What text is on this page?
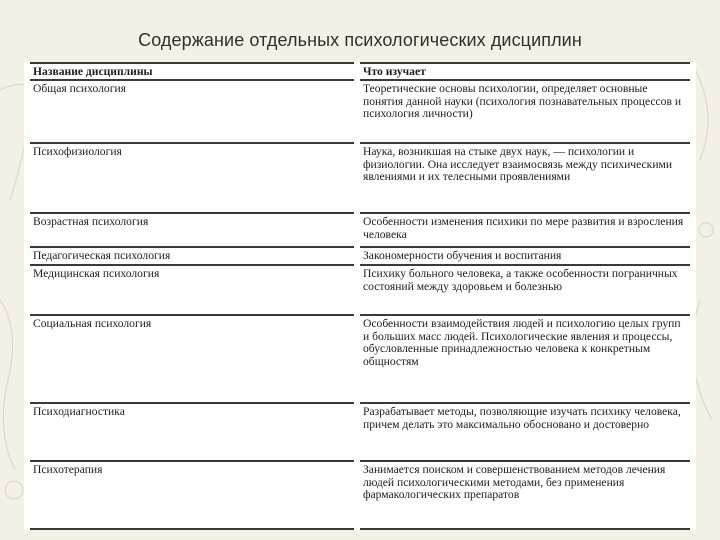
Содержание отдельных психологических дисциплин
Название дисциплины	Что изучает
Общая психология	Теоретические основы психологии, определяет основные понятия данной науки (психология познавательных процессов и психология личности)
Психофизиология	Наука, возникшая на стыке двух наук, — психологии и физиологии. Она исследует взаимосвязь между психическими явлениями и их телесными проявлениями
Возрастная психология	Особенности изменения психики по мере развития и взросления человека
Педагогическая психология	Закономерности обучения и воспитания
Медицинская психология	Психику больного человека, а также особенности пограничных состояний между здоровьем и болезнью
Социальная психология	Особенности взаимодействия людей и психологию целых групп и больших масс людей. Психологические явления и процессы, обусловленные принадлежностью человека к конкретным общностям
Психодиагностика	Разрабатывает методы, позволяющие изучать психику человека, причем делать это максимально обосновано и достоверно
Психотерапия	Занимается поиском и совершенствованием методов лечения людей психологическими методами, без применения фармакологических препаратов
